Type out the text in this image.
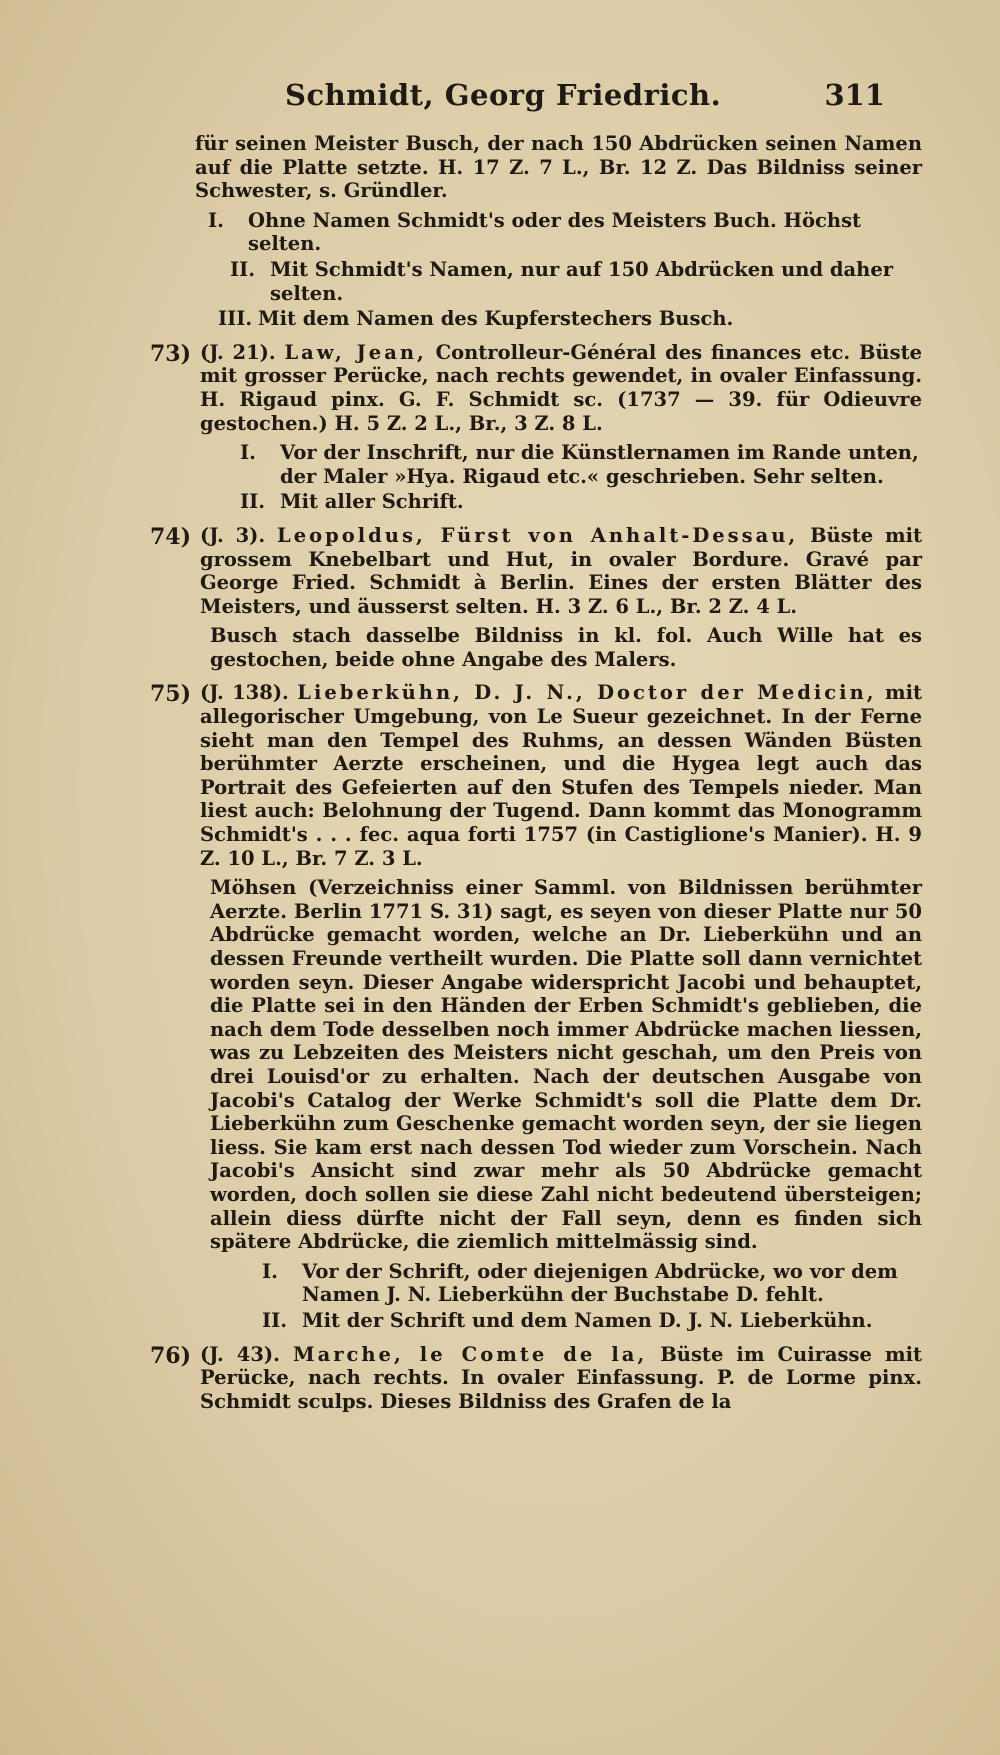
Schmidt, Georg Friedrich.	311

für seinen Meister Busch, der nach 150 Abdrücken seinen Namen auf die Platte setzte. H. 17 Z. 7 L., Br. 12 Z. Das Bildniss seiner Schwester, s. Gründler.

I. Ohne Namen Schmidt's oder des Meisters Buch. Höchst selten.
II. Mit Schmidt's Namen, nur auf 150 Abdrücken und daher selten.
III. Mit dem Namen des Kupferstechers Busch.
73) (J. 21). Law, Jean, Controlleur-Général des finances etc. Büste mit grosser Perücke, nach rechts gewendet, in ovaler Einfassung. H. Rigaud pinx. G. F. Schmidt sc. (1737 — 39. für Odieuvre gestochen.) H. 5 Z. 2 L., Br., 3 Z. 8 L.
I. Vor der Inschrift, nur die Künstlernamen im Rande unten, der Maler »Hya. Rigaud etc.« geschrieben. Sehr selten.
II. Mit aller Schrift.
74) (J. 3). Leopoldus, Fürst von Anhalt-Dessau, Büste mit grossem Knebelbart und Hut, in ovaler Bordure. Gravé par George Fried. Schmidt à Berlin. Eines der ersten Blätter des Meisters, und äusserst selten. H. 3 Z. 6 L., Br. 2 Z. 4 L.

Busch stach dasselbe Bildniss in kl. fol. Auch Wille hat es gestochen, beide ohne Angabe des Malers.

75) (J. 138). Lieberkühn, D. J. N., Doctor der Medicin, mit allegorischer Umgebung, von Le Sueur gezeichnet. In der Ferne sieht man den Tempel des Ruhms, an dessen Wänden Büsten berühmter Aerzte erscheinen, und die Hygea legt auch das Portrait des Gefeierten auf den Stufen des Tempels nieder. Man liest auch: Belohnung der Tugend. Dann kommt das Monogramm Schmidt's . . . fec. aqua forti 1757 (in Castiglione's Manier). H. 9 Z. 10 L., Br. 7 Z. 3 L.

Möhsen (Verzeichniss einer Samml. von Bildnissen berühmter Aerzte. Berlin 1771 S. 31) sagt, es seyen von dieser Platte nur 50 Abdrücke gemacht worden, welche an Dr. Lieberkühn und an dessen Freunde vertheilt wurden. Die Platte soll dann vernichtet worden seyn. Dieser Angabe widerspricht Jacobi und behauptet, die Platte sei in den Händen der Erben Schmidt's geblieben, die nach dem Tode desselben noch immer Abdrücke machen liessen, was zu Lebzeiten des Meisters nicht geschah, um den Preis von drei Louisd'or zu erhalten. Nach der deutschen Ausgabe von Jacobi's Catalog der Werke Schmidt's soll die Platte dem Dr. Lieberkühn zum Geschenke gemacht worden seyn, der sie liegen liess. Sie kam erst nach dessen Tod wieder zum Vorschein. Nach Jacobi's Ansicht sind zwar mehr als 50 Abdrücke gemacht worden, doch sollen sie diese Zahl nicht bedeutend übersteigen; allein diess dürfte nicht der Fall seyn, denn es finden sich spätere Abdrücke, die ziemlich mittelmässig sind.

I. Vor der Schrift, oder diejenigen Abdrücke, wo vor dem Namen J. N. Lieberkühn der Buchstabe D. fehlt.
II. Mit der Schrift und dem Namen D. J. N. Lieberkühn.
76) (J. 43). Marche, le Comte de la, Büste im Cuirasse mit Perücke, nach rechts. In ovaler Einfassung. P. de Lorme pinx. Schmidt sculps. Dieses Bildniss des Grafen de la
